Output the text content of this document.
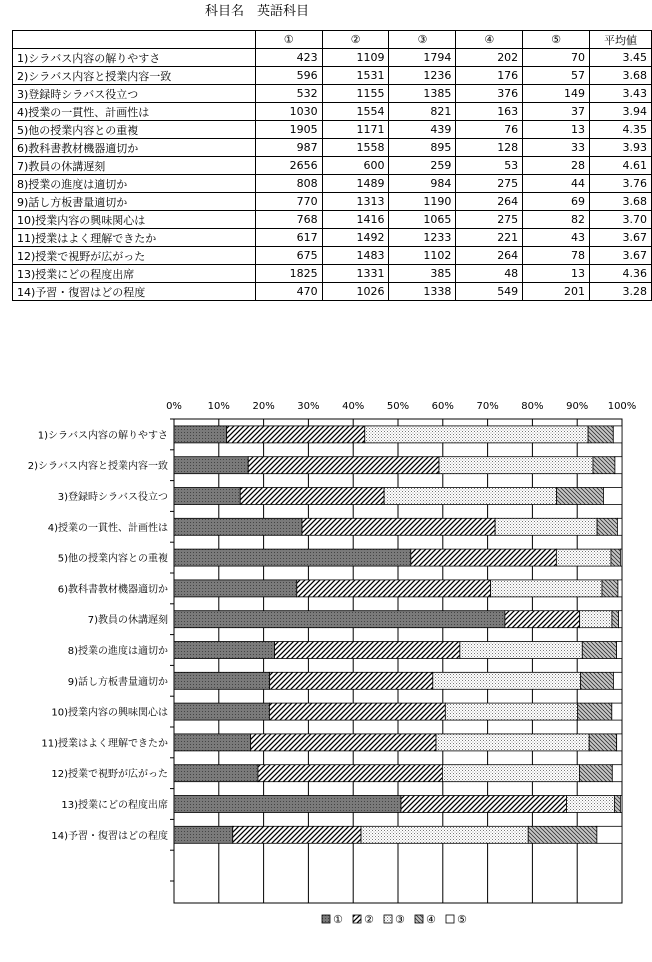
科目名　英語科目
	①	②	③	④	⑤	平均値
1)シラバス内容の解りやすさ	423	1109	1794	202	70	3.45
2)シラバス内容と授業内容一致	596	1531	1236	176	57	3.68
3)登録時シラバス役立つ	532	1155	1385	376	149	3.43
4)授業の一貫性、計画性は	1030	1554	821	163	37	3.94
5)他の授業内容との重複	1905	1171	439	76	13	4.35
6)教科書教材機器適切か	987	1558	895	128	33	3.93
7)教員の休講遅刻	2656	600	259	53	28	4.61
8)授業の進度は適切か	808	1489	984	275	44	3.76
9)話し方板書量適切か	770	1313	1190	264	69	3.68
10)授業内容の興味関心は	768	1416	1065	275	82	3.70
11)授業はよく理解できたか	617	1492	1233	221	43	3.67
12)授業で視野が広がった	675	1483	1102	264	78	3.67
13)授業にどの程度出席	1825	1331	385	48	13	4.36
14)予習・復習はどの程度	470	1026	1338	549	201	3.28
0%	10% 20% 30% 40% 50% 60% 70% 80% 90% 100%
1)シラバス内容の解りやすさ
2)シラバス内容と授業内容一致
3)登録時シラバス役立つ
4)授業の一貫性、計画性は
5)他の授業内容との重複
6)教科書教材機器適切か
7)教員の休講遅刻
8)授業の進度は適切か
9)話し方板書量適切か
10)授業内容の興味関心は
11)授業はよく理解できたか
12)授業で視野が広がった
13)授業にどの程度出席
14)予習・復習はどの程度
① ② ③ ④ ⑤
